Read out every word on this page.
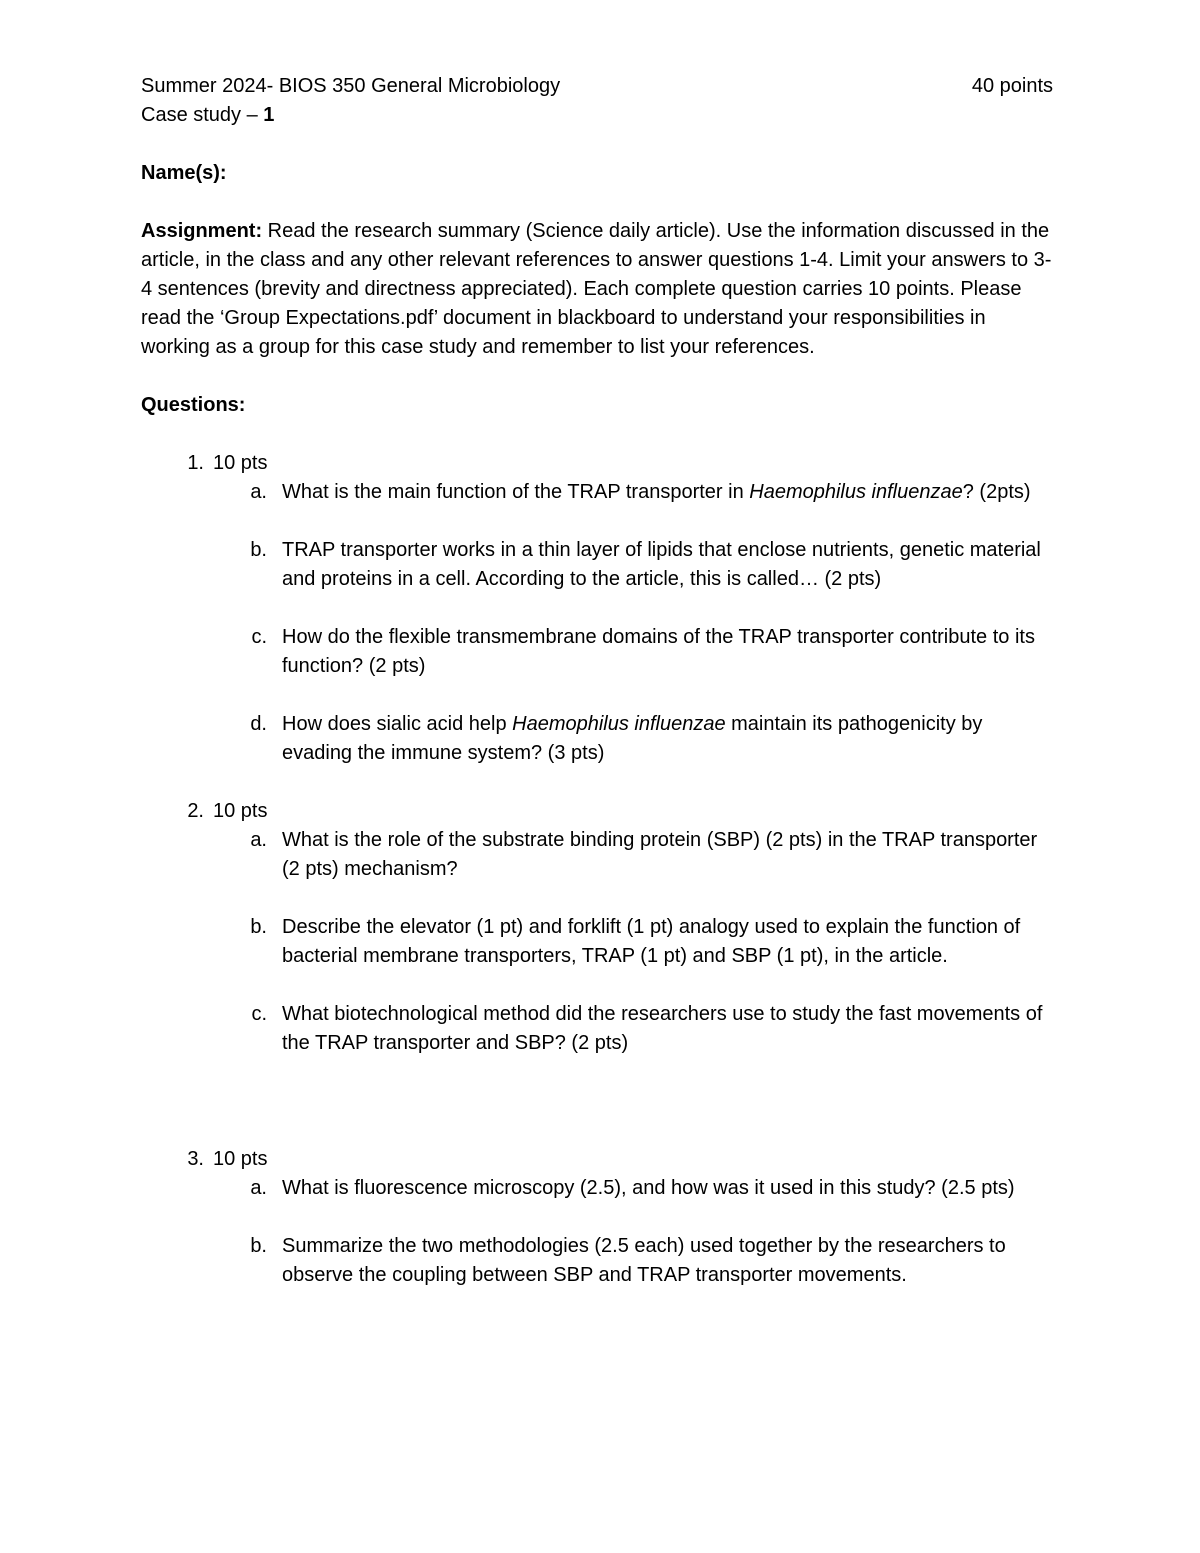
Summer 2024- BIOS 350 General Microbiology	40 points

Case study – 1

Name(s):

Assignment: Read the research summary (Science daily article). Use the information discussed in the article, in the class and any other relevant references to answer questions 1-4. Limit your answers to 3-4 sentences (brevity and directness appreciated). Each complete question carries 10 points. Please read the ‘Group Expectations.pdf’ document in blackboard to understand your responsibilities in working as a group for this case study and remember to list your references.

Questions:

1. 10 pts
a. What is the main function of the TRAP transporter in Haemophilus influenzae? (2pts)
b. TRAP transporter works in a thin layer of lipids that enclose nutrients, genetic material and proteins in a cell. According to the article, this is called… (2 pts)
c. How do the flexible transmembrane domains of the TRAP transporter contribute to its function? (2 pts)
d. How does sialic acid help Haemophilus influenzae maintain its pathogenicity by evading the immune system? (3 pts)
2. 10 pts
a. What is the role of the substrate binding protein (SBP) (2 pts) in the TRAP transporter (2 pts) mechanism?
b. Describe the elevator (1 pt) and forklift (1 pt) analogy used to explain the function of bacterial membrane transporters, TRAP (1 pt) and SBP (1 pt), in the article.
c. What biotechnological method did the researchers use to study the fast movements of the TRAP transporter and SBP? (2 pts)
3. 10 pts
a. What is fluorescence microscopy (2.5), and how was it used in this study? (2.5 pts)
b. Summarize the two methodologies (2.5 each) used together by the researchers to observe the coupling between SBP and TRAP transporter movements.
